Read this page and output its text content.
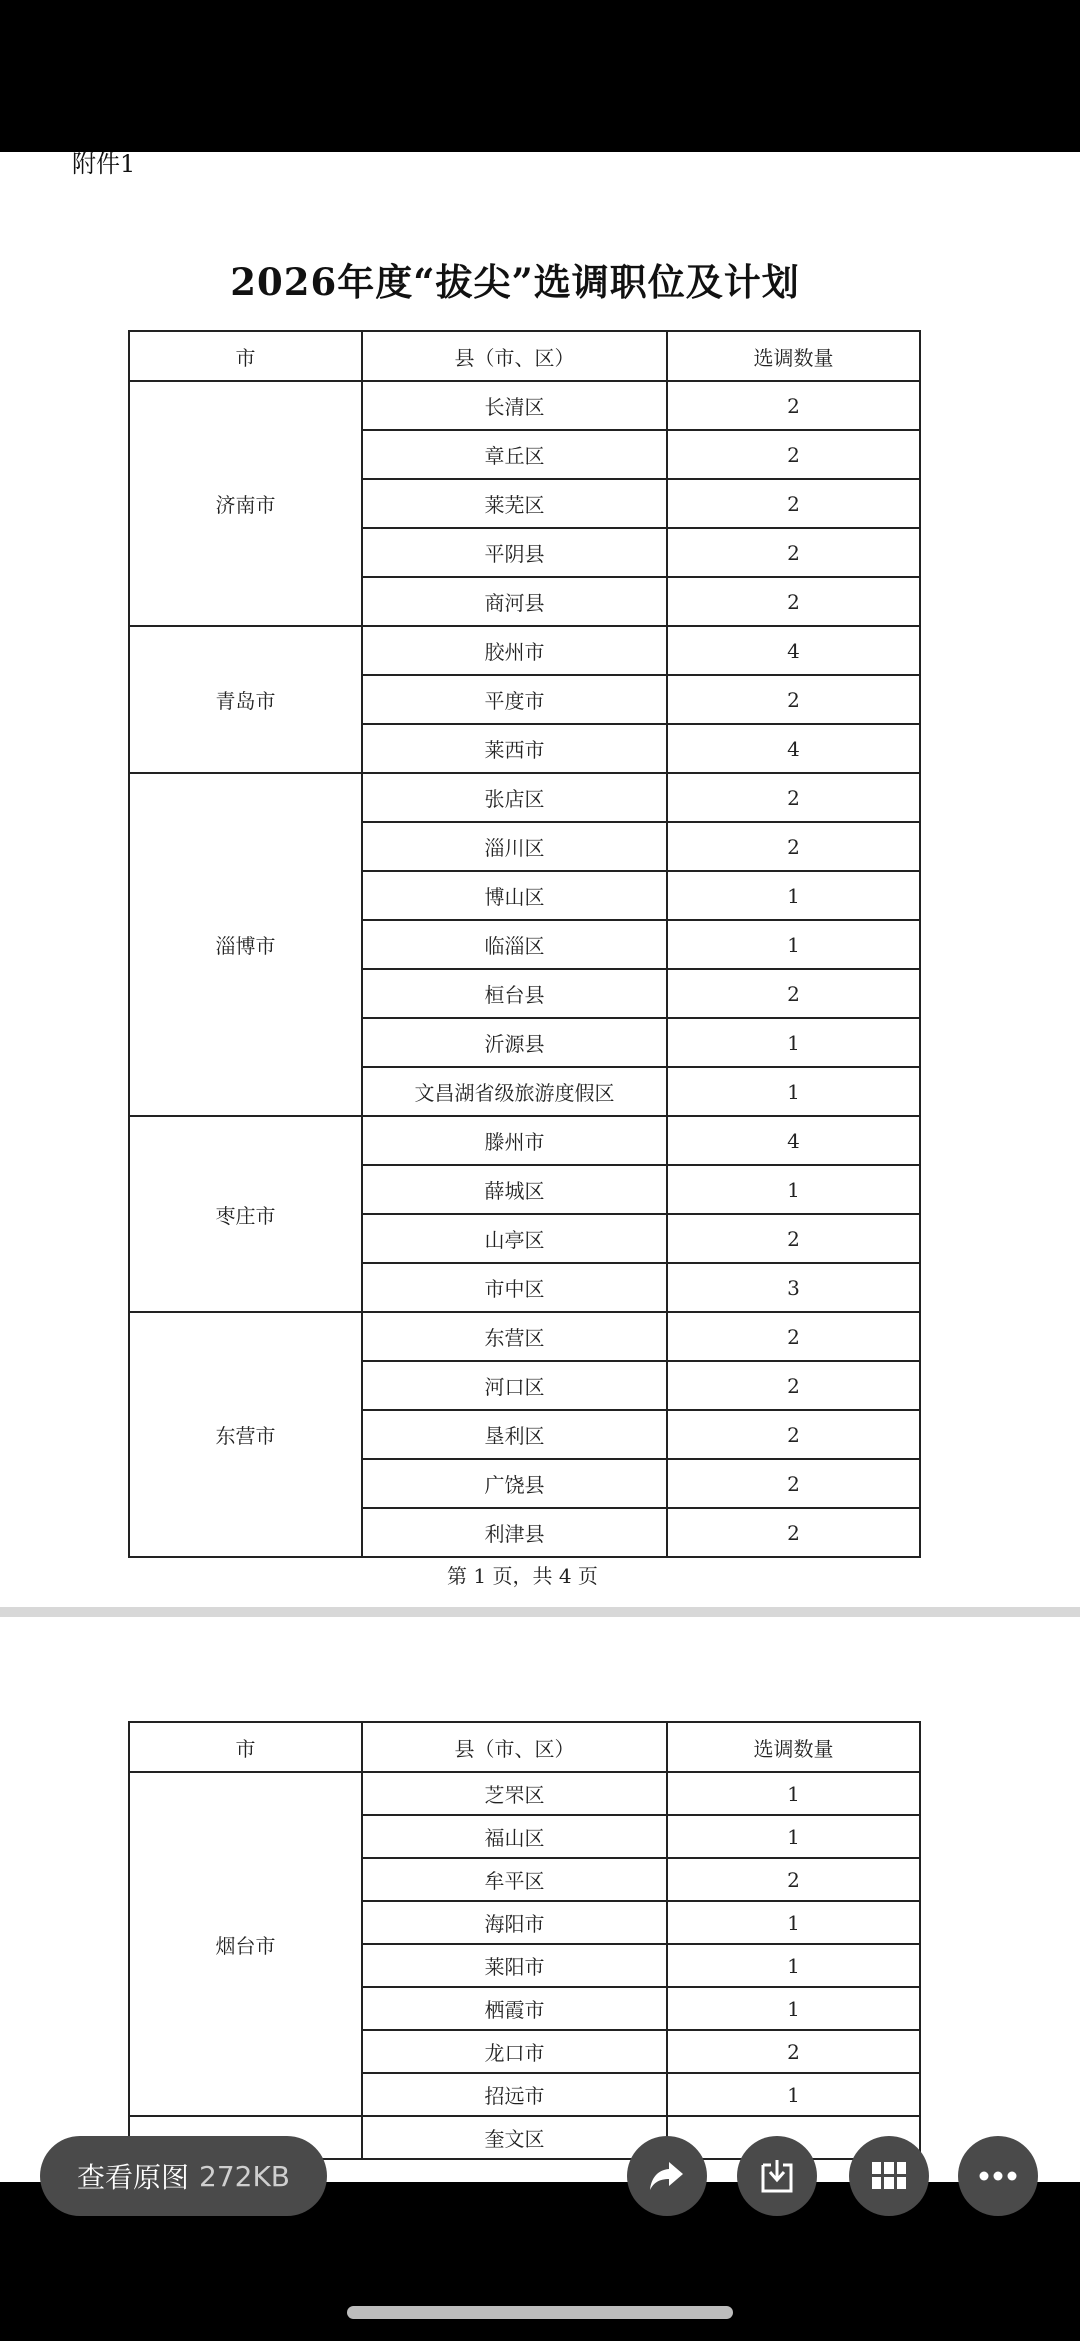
附件1
2026年度“拔尖”选调职位及计划
市	县（市、区）	选调数量
济南市	长清区	2
	章丘区	2
	莱芜区	2
	平阴县	2
	商河县	2
青岛市	胶州市	4
	平度市	2
	莱西市	4
淄博市	张店区	2
	淄川区	2
	博山区	1
	临淄区	1
	桓台县	2
	沂源县	1
	文昌湖省级旅游度假区	1
枣庄市	滕州市	4
	薛城区	1
	山亭区	2
	市中区	3
东营市	东营区	2
	河口区	2
	垦利区	2
	广饶县	2
	利津县	2
第 1 页，共 4 页
市	县（市、区）	选调数量
烟台市	芝罘区	1
	福山区	1
	牟平区	2
	海阳市	1
	莱阳市	1
	栖霞市	1
	龙口市	2
	招远市	1
	奎文区	
查看原图 272KB
